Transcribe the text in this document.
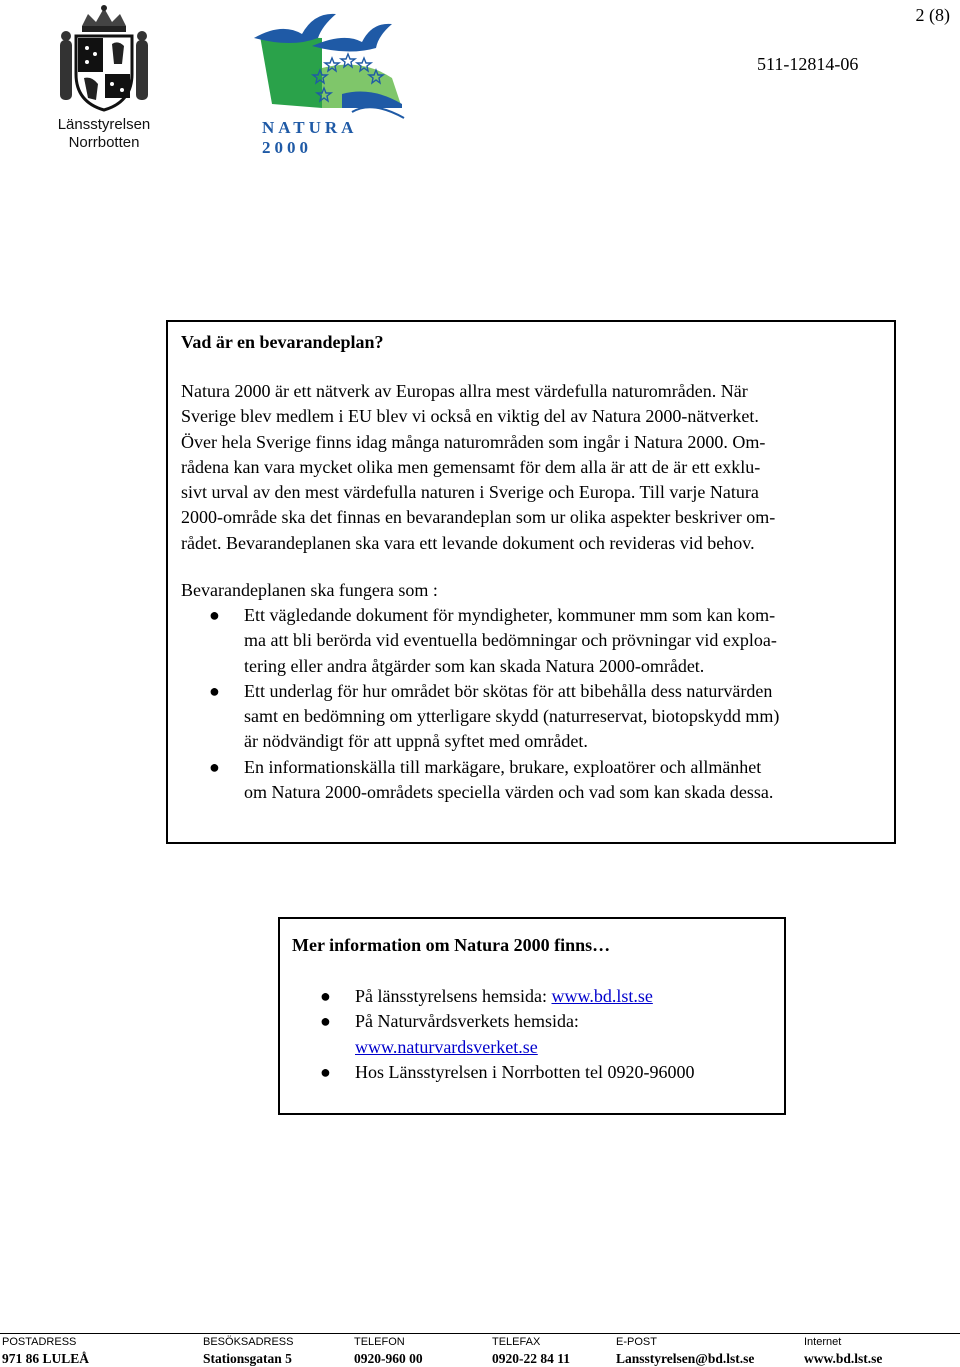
2 (8)
511-12814-06
Länsstyrelsen
Norrbotten
NATURA 2000
Vad är en bevarandeplan?
Natura 2000 är ett nätverk av Europas allra mest värdefulla naturområden. När
Sverige blev medlem i EU blev vi också en viktig del av Natura 2000-nätverket.
Över hela Sverige finns idag många naturområden som ingår i Natura 2000. Om-
rådena kan vara mycket olika men gemensamt för dem alla är att de är ett exklu-
sivt urval av den mest värdefulla naturen i Sverige och Europa. Till varje Natura
2000-område ska det finnas en bevarandeplan som ur olika aspekter beskriver om-
rådet. Bevarandeplanen ska vara ett levande dokument och revideras vid behov.
Bevarandeplanen ska fungera som :
● Ett vägledande dokument för myndigheter, kommuner mm som kan kom-
ma att bli berörda vid eventuella bedömningar och prövningar vid exploa-
tering eller andra åtgärder som kan skada Natura 2000-området.
● Ett underlag för hur området bör skötas för att bibehålla dess naturvärden
samt en bedömning om ytterligare skydd (naturreservat, biotopskydd mm)
är nödvändigt för att uppnå syftet med området.
● En informationskälla till markägare, brukare, exploatörer och allmänhet
om Natura 2000-områdets speciella värden och vad som kan skada dessa.
Mer information om Natura 2000 finns…
● På länsstyrelsens hemsida: www.bd.lst.se
● På Naturvårdsverkets hemsida:
www.naturvardsverket.se
● Hos Länsstyrelsen i Norrbotten tel 0920-96000
POSTADRESS
971 86 LULEÅ
BESÖKSADRESS
Stationsgatan 5
TELEFON
0920-960 00
TELEFAX
0920-22 84 11
E-POST
Lansstyrelsen@bd.lst.se
Internet
www.bd.lst.se
